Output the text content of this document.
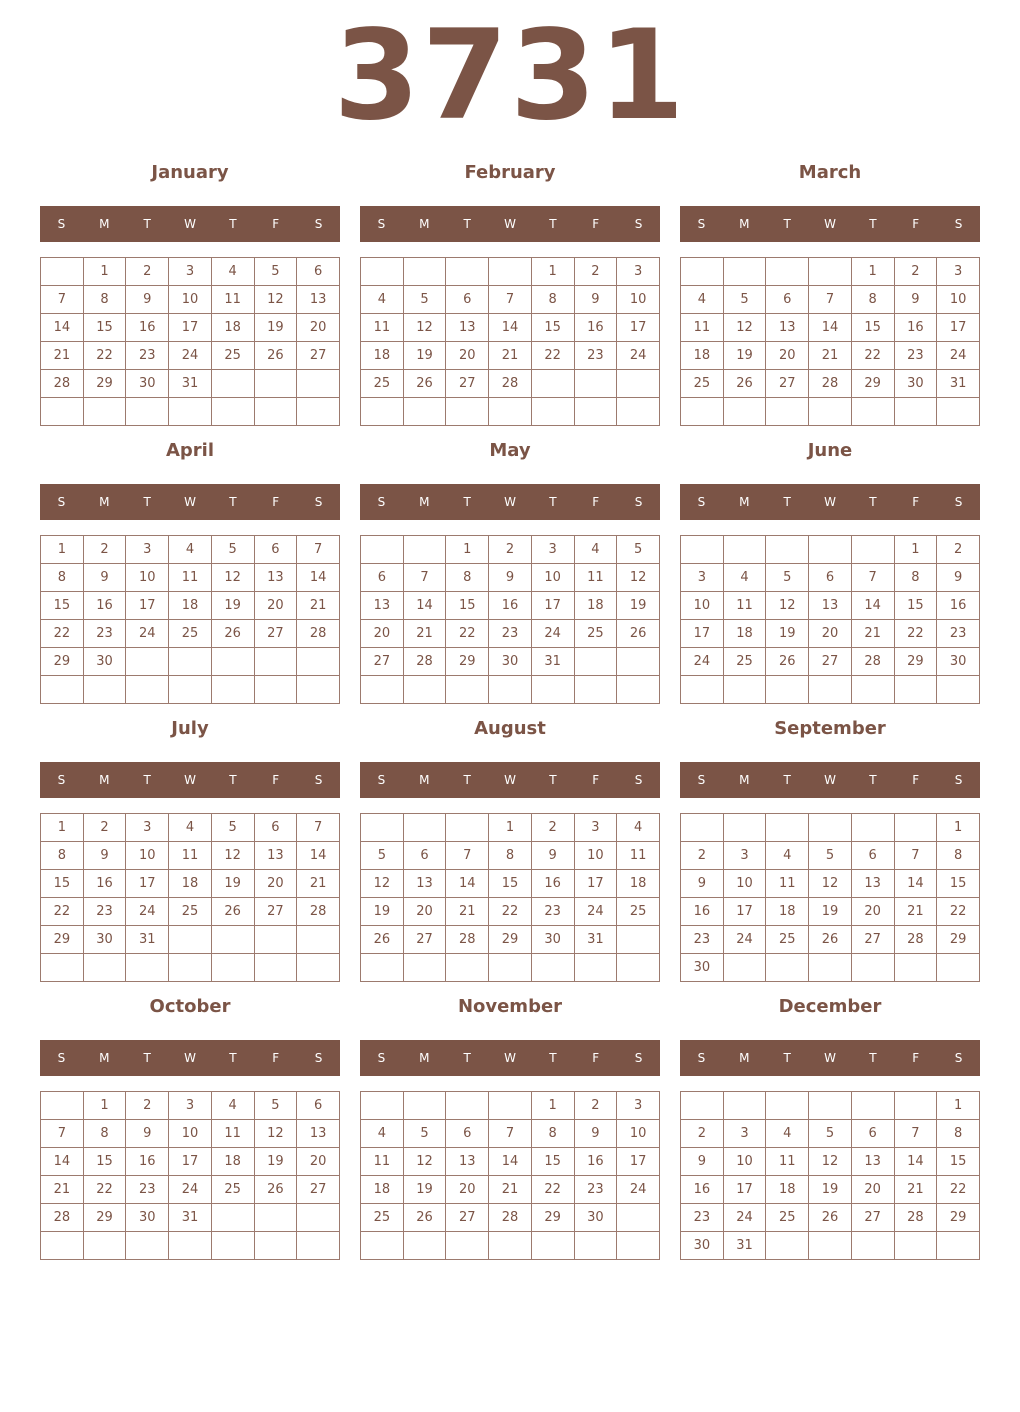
3731
January
S	M	T	W	T	F	S
	1	2	3	4	5	6
7	8	9	10	11	12	13
14	15	16	17	18	19	20
21	22	23	24	25	26	27
28	29	30	31			

February
S	M	T	W	T	F	S
				1	2	3
4	5	6	7	8	9	10
11	12	13	14	15	16	17
18	19	20	21	22	23	24
25	26	27	28			

March
S	M	T	W	T	F	S
				1	2	3
4	5	6	7	8	9	10
11	12	13	14	15	16	17
18	19	20	21	22	23	24
25	26	27	28	29	30	31

April
S	M	T	W	T	F	S
1	2	3	4	5	6	7
8	9	10	11	12	13	14
15	16	17	18	19	20	21
22	23	24	25	26	27	28
29	30					

May
S	M	T	W	T	F	S
		1	2	3	4	5
6	7	8	9	10	11	12
13	14	15	16	17	18	19
20	21	22	23	24	25	26
27	28	29	30	31		

June
S	M	T	W	T	F	S
					1	2
3	4	5	6	7	8	9
10	11	12	13	14	15	16
17	18	19	20	21	22	23
24	25	26	27	28	29	30

July
S	M	T	W	T	F	S
1	2	3	4	5	6	7
8	9	10	11	12	13	14
15	16	17	18	19	20	21
22	23	24	25	26	27	28
29	30	31				

August
S	M	T	W	T	F	S
			1	2	3	4
5	6	7	8	9	10	11
12	13	14	15	16	17	18
19	20	21	22	23	24	25
26	27	28	29	30	31	

September
S	M	T	W	T	F	S
						1
2	3	4	5	6	7	8
9	10	11	12	13	14	15
16	17	18	19	20	21	22
23	24	25	26	27	28	29
30						
October
S	M	T	W	T	F	S
	1	2	3	4	5	6
7	8	9	10	11	12	13
14	15	16	17	18	19	20
21	22	23	24	25	26	27
28	29	30	31			

November
S	M	T	W	T	F	S
				1	2	3
4	5	6	7	8	9	10
11	12	13	14	15	16	17
18	19	20	21	22	23	24
25	26	27	28	29	30	

December
S	M	T	W	T	F	S
						1
2	3	4	5	6	7	8
9	10	11	12	13	14	15
16	17	18	19	20	21	22
23	24	25	26	27	28	29
30	31					
